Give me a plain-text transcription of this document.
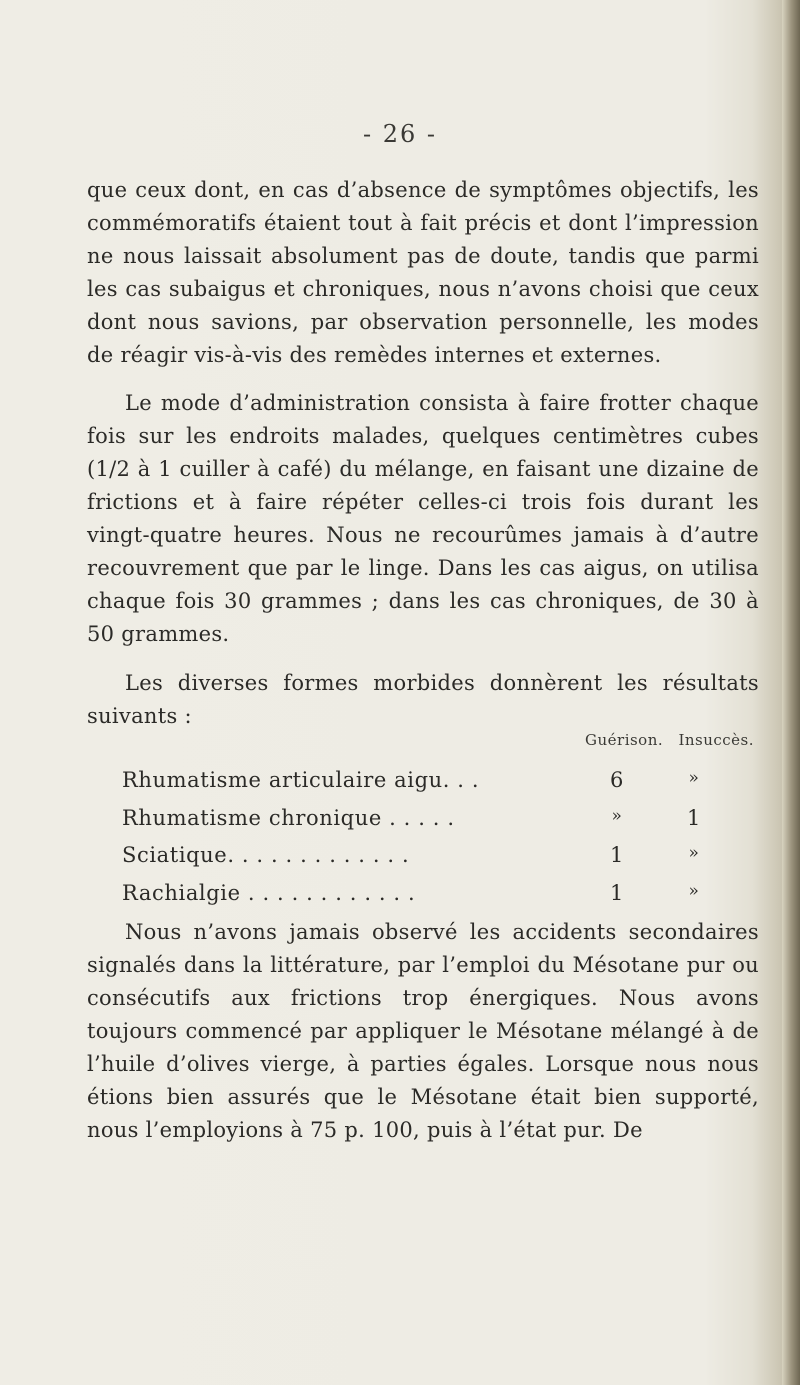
- 26 -

que ceux dont, en cas d’absence de symptômes objectifs, les commémoratifs étaient tout à fait précis et dont l’impression ne nous laissait absolument pas de doute, tandis que parmi les cas subaigus et chroniques, nous n’avons choisi que ceux dont nous savions, par observation personnelle, les modes de réagir vis-à-vis des remèdes internes et externes.

Le mode d’administration consista à faire frotter chaque fois sur les endroits malades, quelques centimètres cubes (1/2 à 1 cuiller à café) du mélange, en faisant une dizaine de frictions et à faire répéter celles-ci trois fois durant les vingt-quatre heures. Nous ne recourûmes jamais à d’autre recouvrement que par le linge. Dans les cas aigus, on utilisa chaque fois 30 grammes ; dans les cas chroniques, de 30 à 50 grammes.

Les diverses formes morbides donnèrent les résultats suivants :

Guérison. Insuccès.
Rhumatisme articulaire aigu. . .	6	»
Rhumatisme chronique . . . . .	»	1
Sciatique. . . . . . . . . . . . .	1	»
Rachialgie . . . . . . . . . . . .	1	»

Nous n’avons jamais observé les accidents secondaires signalés dans la littérature, par l’emploi du Mésotane pur ou consécutifs aux frictions trop énergiques. Nous avons toujours commencé par appliquer le Mésotane mélangé à de l’huile d’olives vierge, à parties égales. Lorsque nous nous étions bien assurés que le Mésotane était bien supporté, nous l’employions à 75 p. 100, puis à l’état pur. De
